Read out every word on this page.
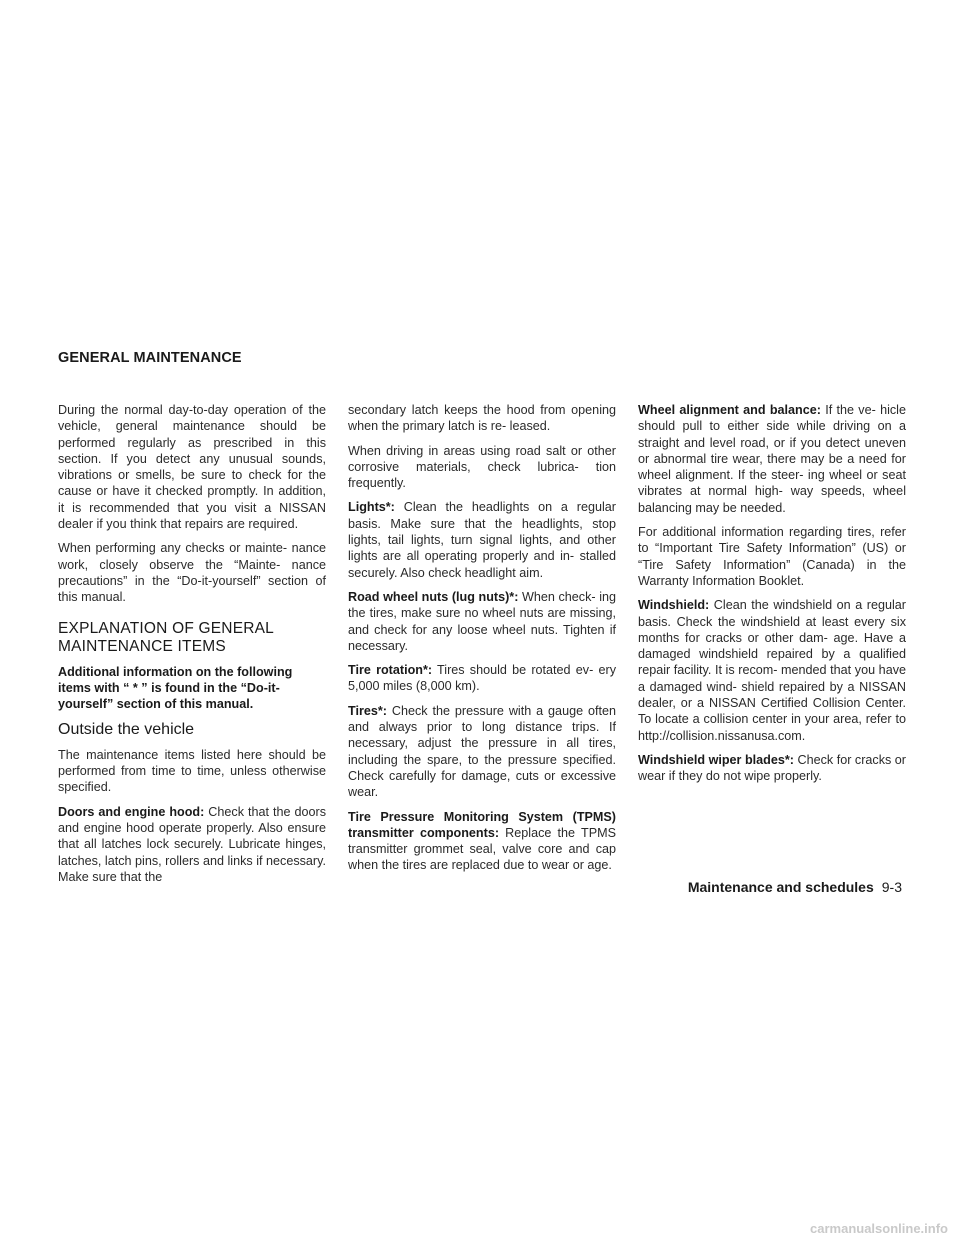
GENERAL MAINTENANCE

During the normal day-to-day operation of the vehicle, general maintenance should be performed regularly as prescribed in this section. If you detect any unusual sounds, vibrations or smells, be sure to check for the cause or have it checked promptly. In addition, it is recommended that you visit a NISSAN dealer if you think that repairs are required.

When performing any checks or mainte- nance work, closely observe the “Mainte- nance precautions” in the “Do-it-yourself” section of this manual.

EXPLANATION OF GENERAL
MAINTENANCE ITEMS

Additional information on the following items with “ * ” is found in the “Do-it- yourself” section of this manual.

Outside the vehicle

The maintenance items listed here should be performed from time to time, unless otherwise specified.

Doors and engine hood: Check that the doors and engine hood operate properly. Also ensure that all latches lock securely. Lubricate hinges, latches, latch pins, rollers and links if necessary. Make sure that the

secondary latch keeps the hood from opening when the primary latch is re- leased.

When driving in areas using road salt or other corrosive materials, check lubrica- tion frequently.

Lights*: Clean the headlights on a regular basis. Make sure that the headlights, stop lights, tail lights, turn signal lights, and other lights are all operating properly and in- stalled securely. Also check headlight aim.

Road wheel nuts (lug nuts)*: When check- ing the tires, make sure no wheel nuts are missing, and check for any loose wheel nuts. Tighten if necessary.

Tire rotation*: Tires should be rotated ev- ery 5,000 miles (8,000 km).

Tires*: Check the pressure with a gauge often and always prior to long distance trips. If necessary, adjust the pressure in all tires, including the spare, to the pressure specified. Check carefully for damage, cuts or excessive wear.

Tire Pressure Monitoring System (TPMS) transmitter components: Replace the TPMS transmitter grommet seal, valve core and cap when the tires are replaced due to wear or age.

Wheel alignment and balance: If the ve- hicle should pull to either side while driving on a straight and level road, or if you detect uneven or abnormal tire wear, there may be a need for wheel alignment. If the steer- ing wheel or seat vibrates at normal high- way speeds, wheel balancing may be needed.

For additional information regarding tires, refer to “Important Tire Safety Information” (US) or “Tire Safety Information” (Canada) in the Warranty Information Booklet.

Windshield: Clean the windshield on a regular basis. Check the windshield at least every six months for cracks or other dam- age. Have a damaged windshield repaired by a qualified repair facility. It is recom- mended that you have a damaged wind- shield repaired by a NISSAN dealer, or a NISSAN Certified Collision Center. To locate a collision center in your area, refer to http://collision.nissanusa.com.

Windshield wiper blades*: Check for cracks or wear if they do not wipe properly.

Maintenance and schedules 9-3
carmanualsonline.info
